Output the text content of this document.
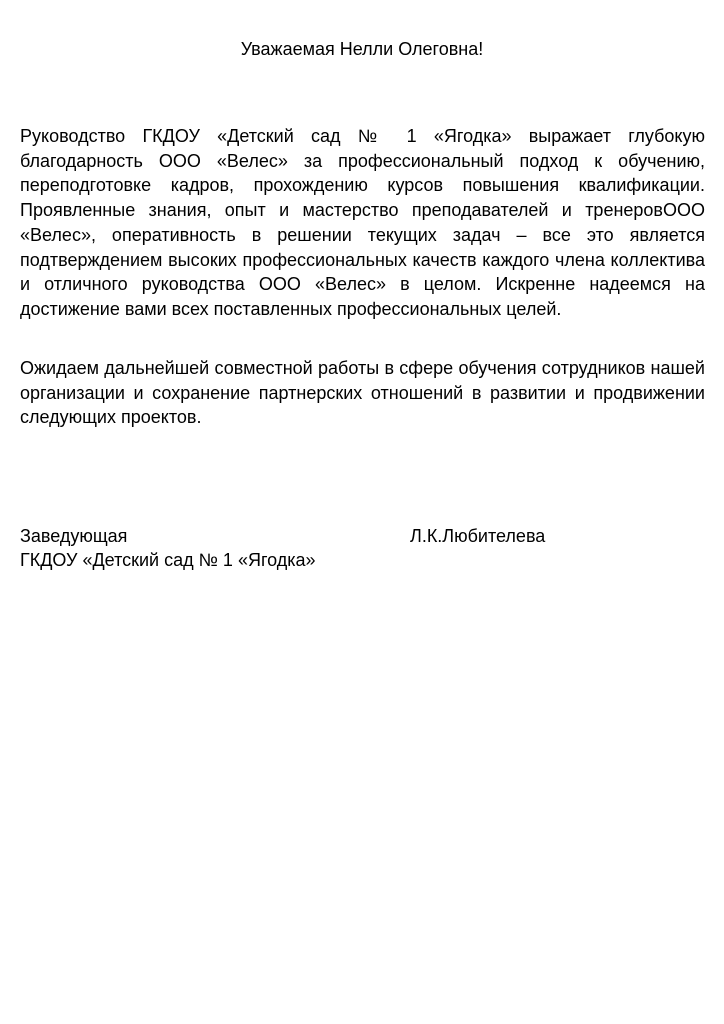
Уважаемая Нелли Олеговна!

Руководство ГКДОУ «Детский сад № 1 «Ягодка» выражает глубокую благодарность ООО «Велес» за профессиональный подход к обучению, переподготовке кадров, прохождению курсов повышения квалификации. Проявленные знания, опыт и мастерство преподавателей и тренеровООО «Велес», оперативность в решении текущих задач – все это является подтверждением высоких профессиональных качеств каждого члена коллектива и отличного руководства ООО «Велес» в целом. Искренне надеемся на достижение вами всех поставленных профессиональных целей.

Ожидаем дальнейшей совместной работы в сфере обучения сотрудников нашей организации и сохранение партнерских отношений в развитии и продвижении следующих проектов.

Заведующая	Л.К.Любителева
ГКДОУ «Детский сад № 1 «Ягодка»
